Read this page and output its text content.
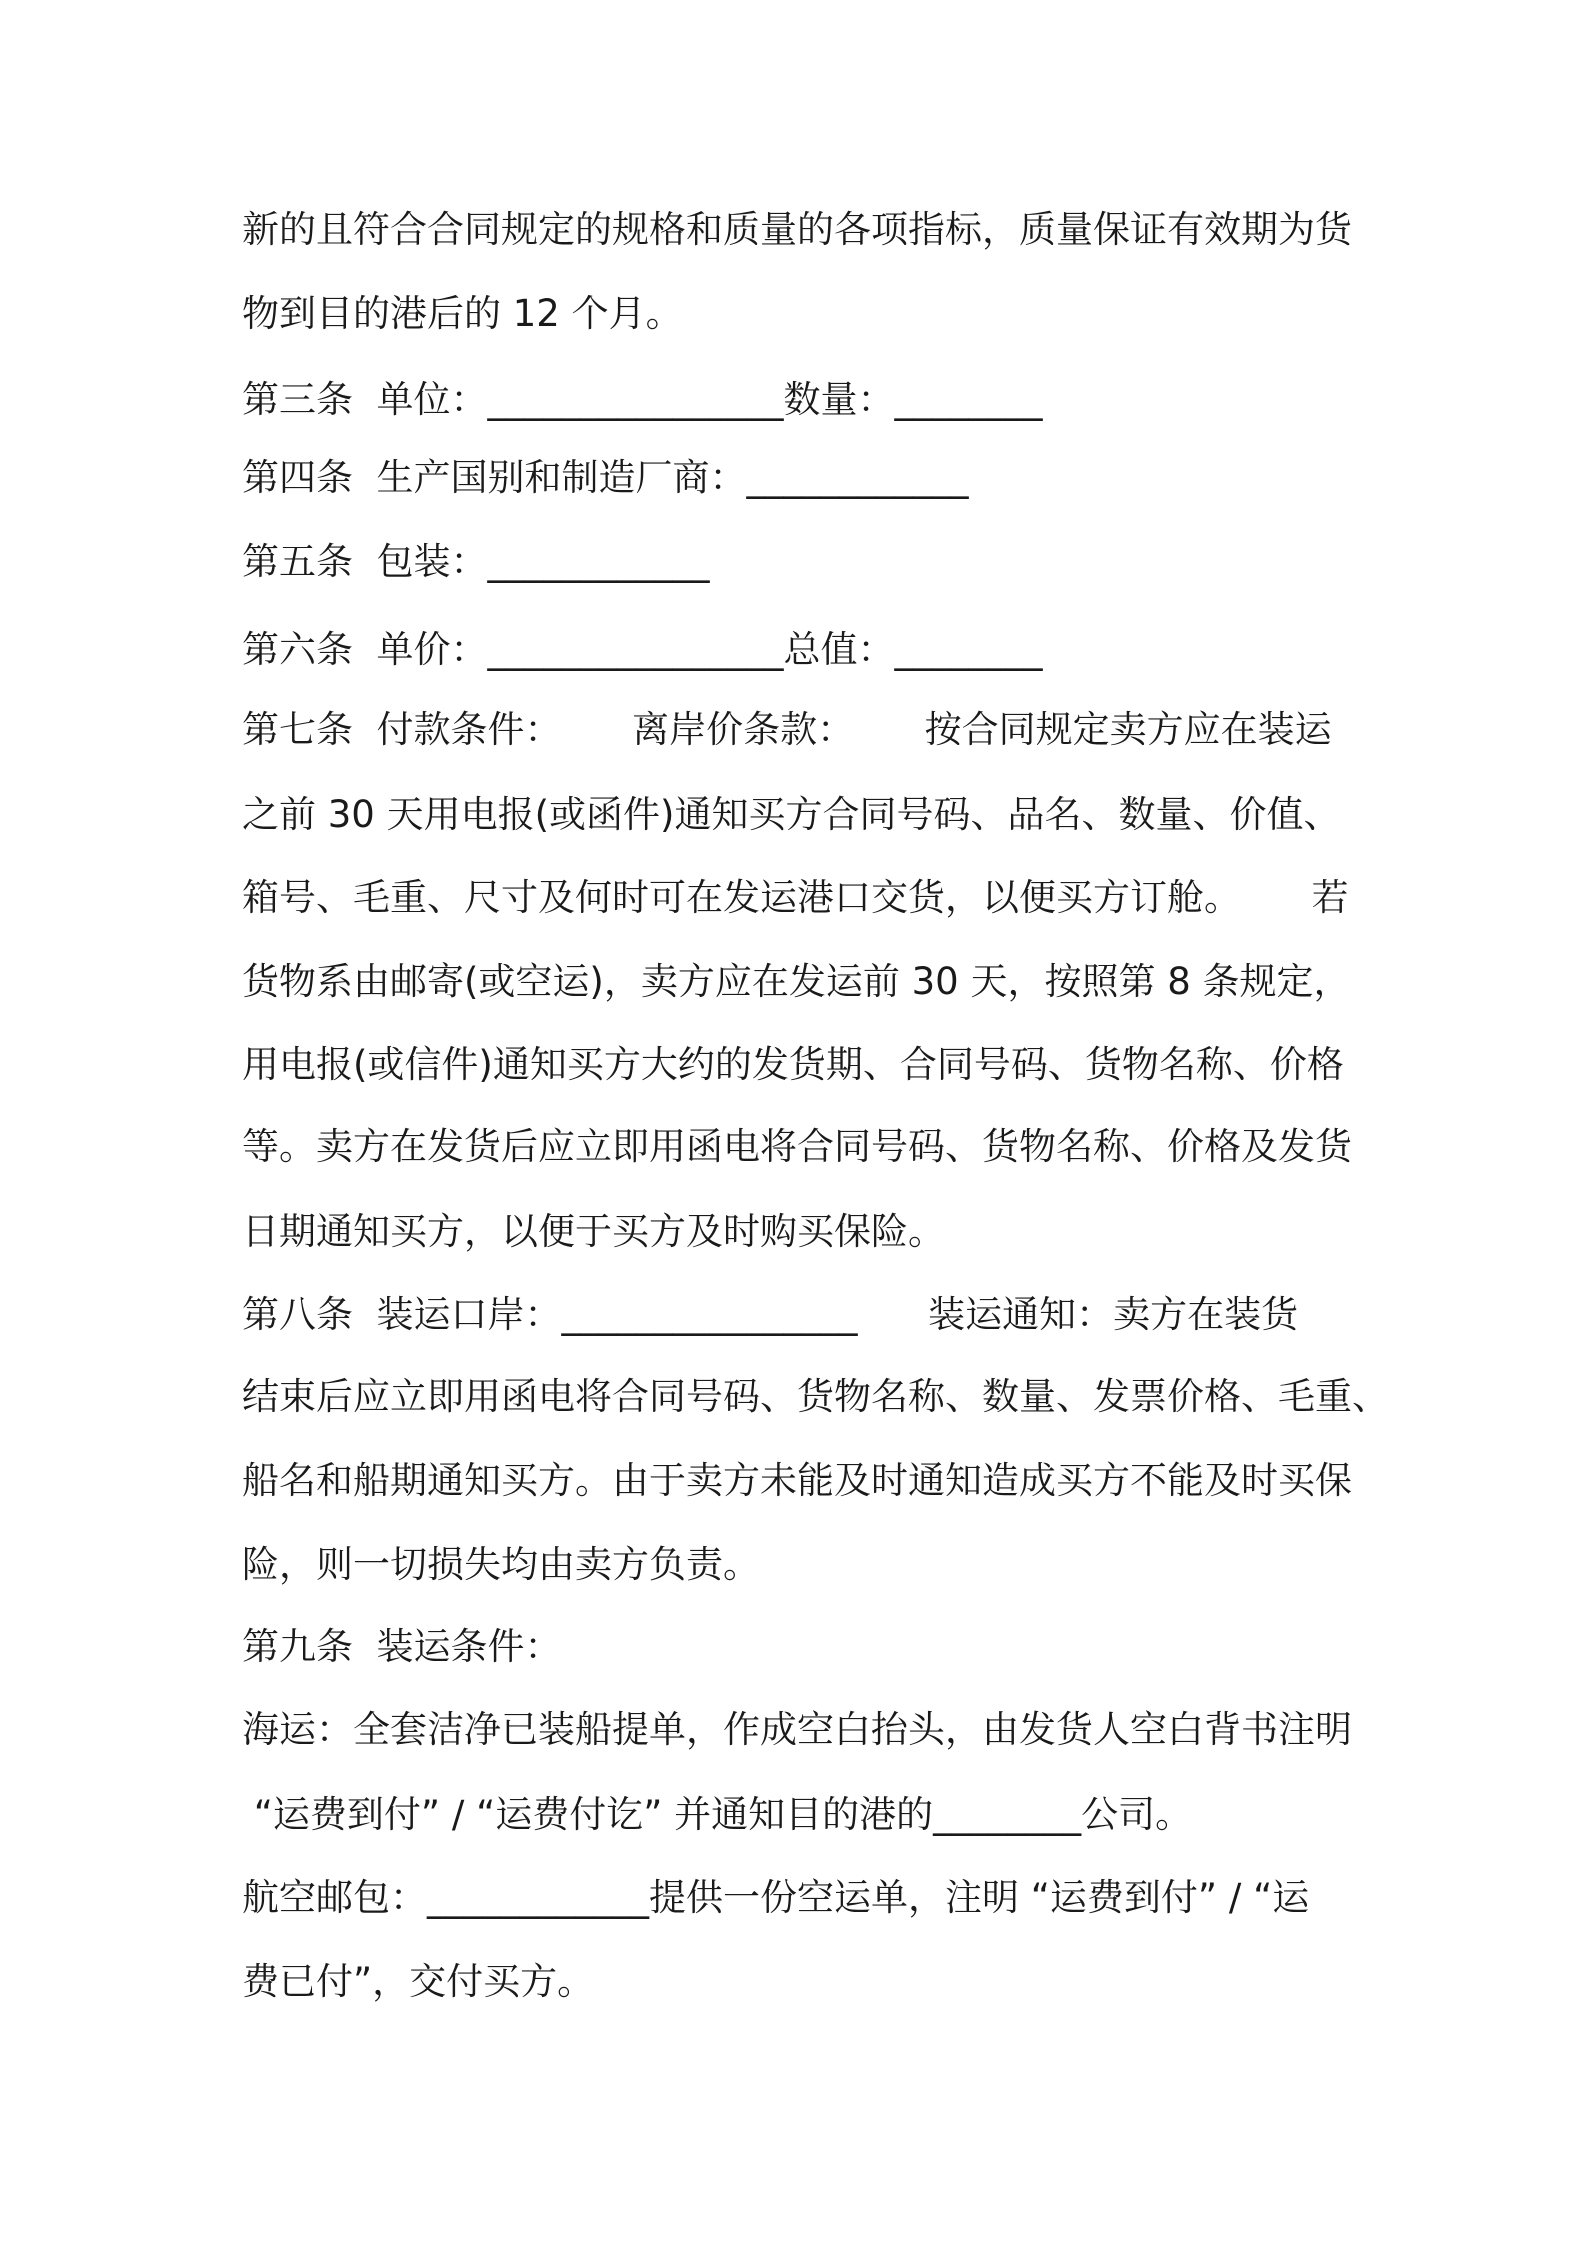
新的且符合合同规定的规格和质量的各项指标，质量保证有效期为货
物到目的港后的 12 个月。
第三条  单位：________________数量：________
第四条  生产国别和制造厂商：____________
第五条  包装：____________
第六条  单价：________________总值：________
第七条  付款条件：      离岸价条款：      按合同规定卖方应在装运
之前 30 天用电报(或函件)通知买方合同号码、品名、数量、价值、
箱号、毛重、尺寸及何时可在发运港口交货，以便买方订舱。      若
货物系由邮寄(或空运)，卖方应在发运前 30 天，按照第 8 条规定，
用电报(或信件)通知买方大约的发货期、合同号码、货物名称、价格
等。卖方在发货后应立即用函电将合同号码、货物名称、价格及发货
日期通知买方，以便于买方及时购买保险。
第八条  装运口岸：________________      装运通知：卖方在装货
结束后应立即用函电将合同号码、货物名称、数量、发票价格、毛重、
船名和船期通知买方。由于卖方未能及时通知造成买方不能及时买保
险，则一切损失均由卖方负责。
第九条  装运条件：
海运：全套洁净已装船提单，作成空白抬头，由发货人空白背书注明
“运费到付” / “运费付讫” 并通知目的港的________公司。
航空邮包：____________提供一份空运单，注明 “运费到付” / “运
费已付”，交付买方。
